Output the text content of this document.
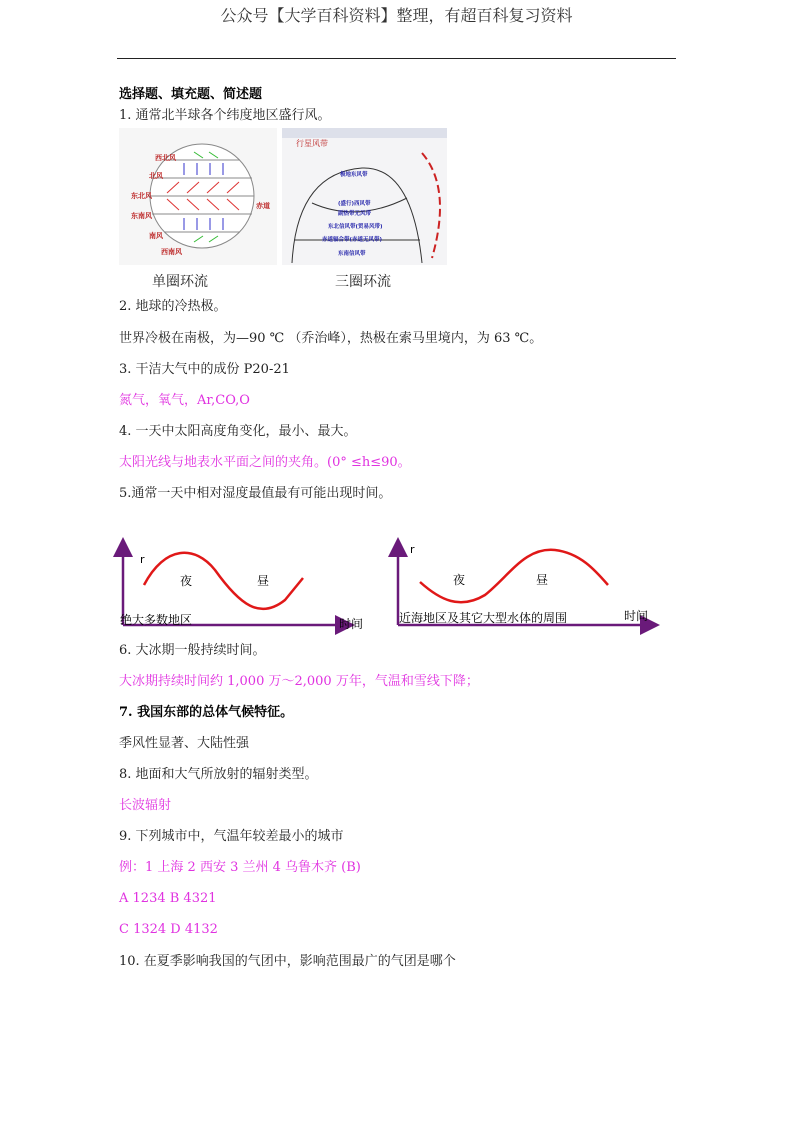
公众号【大学百科资料】整理，有超百科复习资料
选择题、填充题、简述题
1. 通常北半球各个纬度地区盛行风。
西北风
北风
东北风
东南风
南风
西南风
赤道
行星风带
极地东风带
(盛行)西风带
副热带无风带
东北信风带(贸易风带)
赤道辐合带(赤道无风带)
东南信风带
单圈环流	三圈环流
2. 地球的冷热极。
世界冷极在南极，为—90 ℃ （乔治峰），热极在索马里境内，为 63 ℃。
3. 干洁大气中的成份 P20-21
氮气，氧气，Ar,CO,O
4. 一天中太阳高度角变化，最小、最大。
太阳光线与地表水平面之间的夹角。(0° ≤h≤90。
5.通常一天中相对湿度最值最有可能出现时间。
r
夜	昼
绝大多数地区	时间
r
夜	昼
近海地区及其它大型水体的周围	时间
6. 大冰期一般持续时间。
大冰期持续时间约 1,000 万～2,000 万年，气温和雪线下降；
7. 我国东部的总体气候特征。
季风性显著、大陆性强
8. 地面和大气所放射的辐射类型。
长波辐射
9. 下列城市中，气温年较差最小的城市
例：1 上海 2 西安 3 兰州 4 乌鲁木齐 (B)
A 1234 B 4321
C 1324 D 4132
10. 在夏季影响我国的气团中，影响范围最广的气团是哪个
